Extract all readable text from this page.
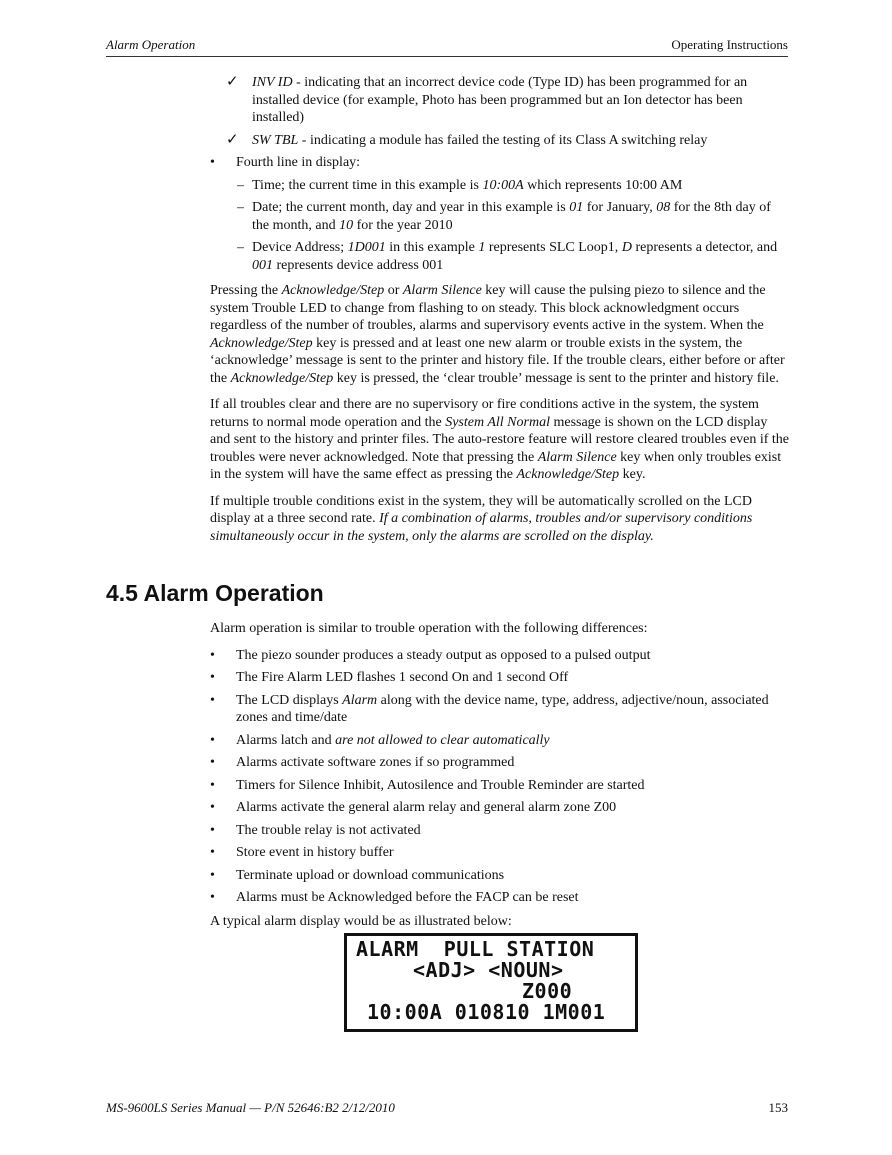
Alarm Operation	Operating Instructions
✓ INV ID - indicating that an incorrect device code (Type ID) has been programmed for an installed device (for example, Photo has been programmed but an Ion detector has been installed)
✓ SW TBL - indicating a module has failed the testing of its Class A switching relay
• Fourth line in display:
– Time; the current time in this example is 10:00A which represents 10:00 AM
– Date; the current month, day and year in this example is 01 for January, 08 for the 8th day of the month, and 10 for the year 2010
– Device Address; 1D001 in this example 1 represents SLC Loop1, D represents a detector, and 001 represents device address 001

Pressing the Acknowledge/Step or Alarm Silence key will cause the pulsing piezo to silence and the system Trouble LED to change from flashing to on steady. This block acknowledgment occurs regardless of the number of troubles, alarms and supervisory events active in the system. When the Acknowledge/Step key is pressed and at least one new alarm or trouble exists in the system, the ‘acknowledge’ message is sent to the printer and history file. If the trouble clears, either before or after the Acknowledge/Step key is pressed, the ‘clear trouble’ message is sent to the printer and history file.

If all troubles clear and there are no supervisory or fire conditions active in the system, the system returns to normal mode operation and the System All Normal message is shown on the LCD display and sent to the history and printer files. The auto-restore feature will restore cleared troubles even if the troubles were never acknowledged. Note that pressing the Alarm Silence key when only troubles exist in the system will have the same effect as pressing the Acknowledge/Step key.

If multiple trouble conditions exist in the system, they will be automatically scrolled on the LCD display at a three second rate. If a combination of alarms, troubles and/or supervisory conditions simultaneously occur in the system, only the alarms are scrolled on the display.

4.5 Alarm Operation

Alarm operation is similar to trouble operation with the following differences:

• The piezo sounder produces a steady output as opposed to a pulsed output
• The Fire Alarm LED flashes 1 second On and 1 second Off
• The LCD displays Alarm along with the device name, type, address, adjective/noun, associated zones and time/date
• Alarms latch and are not allowed to clear automatically
• Alarms activate software zones if so programmed
• Timers for Silence Inhibit, Autosilence and Trouble Reminder are started
• Alarms activate the general alarm relay and general alarm zone Z00
• The trouble relay is not activated
• Store event in history buffer
• Terminate upload or download communications
• Alarms must be Acknowledged before the FACP can be reset

A typical alarm display would be as illustrated below:

ALARM  PULL STATION
<ADJ> <NOUN>
Z000
10:00A 010810 1M001
MS-9600LS Series Manual — P/N 52646:B2 2/12/2010	153
